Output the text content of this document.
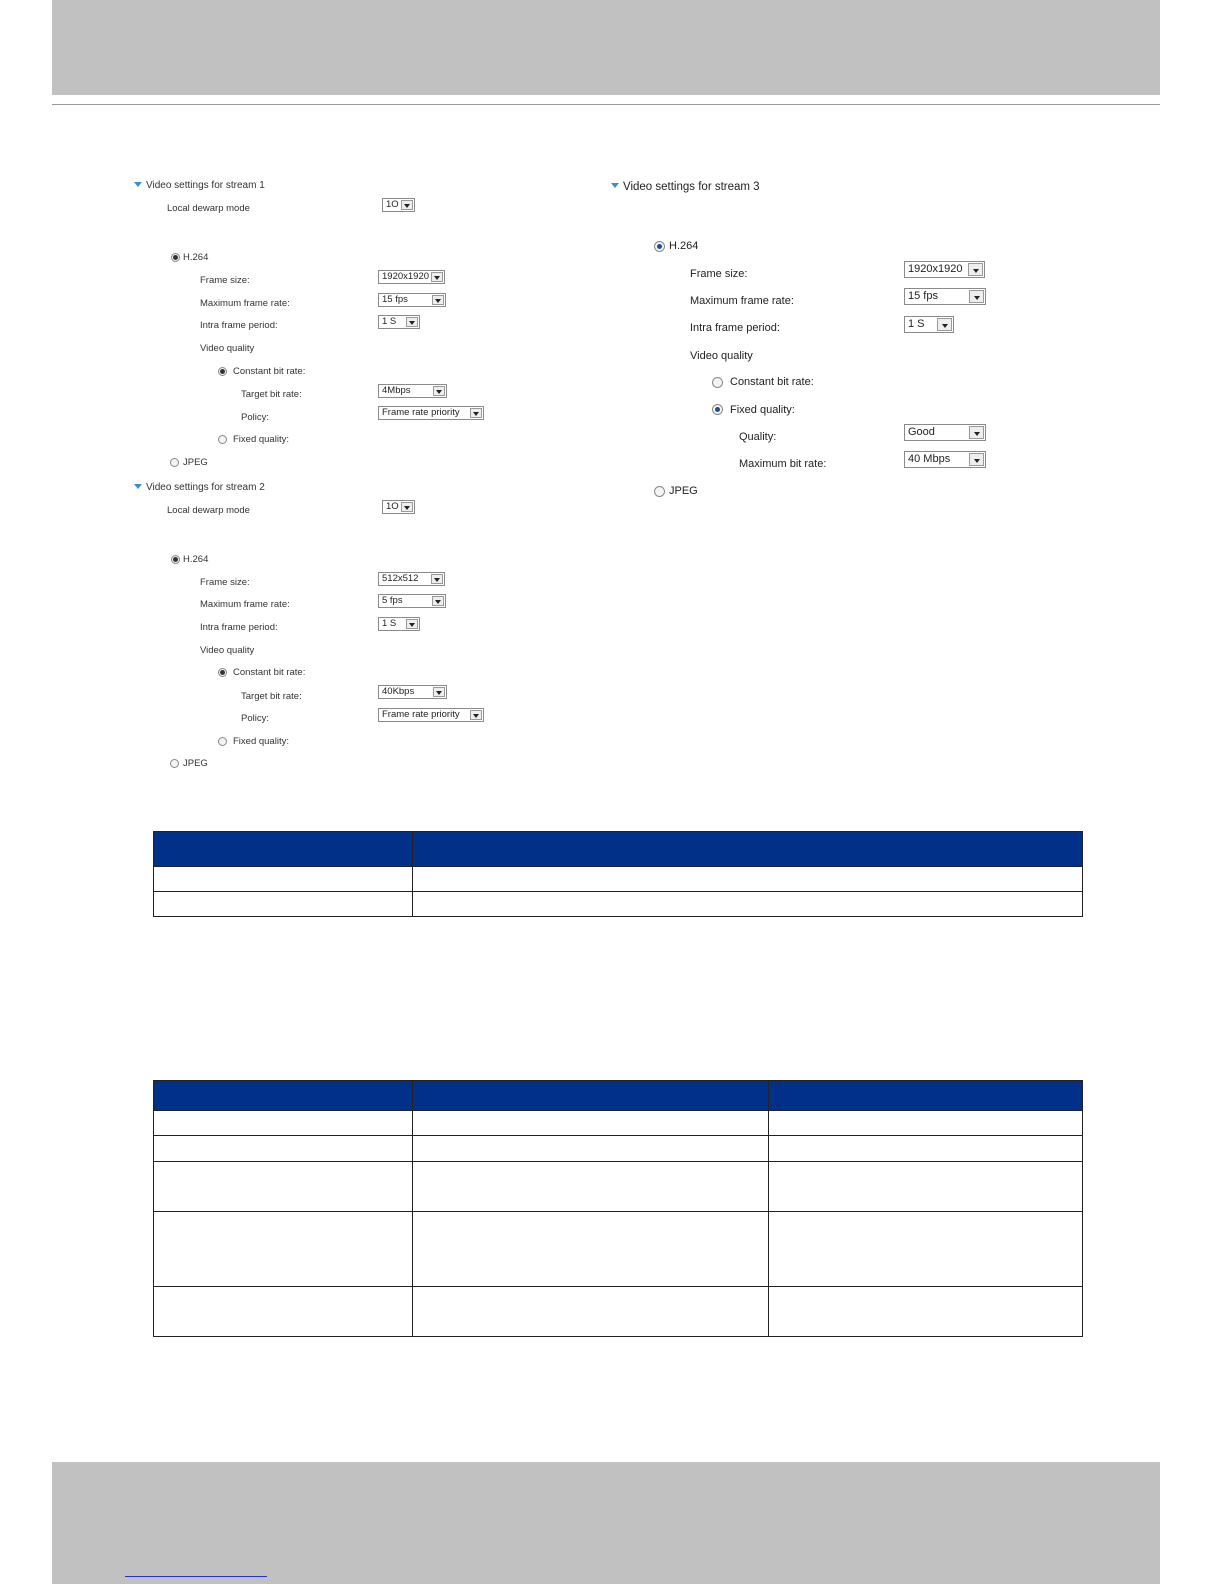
Video settings for stream 1
Local dewarp mode	1O
H.264
Frame size:	1920x1920
Maximum frame rate:	15 fps
Intra frame period:	1 S
Video quality
Constant bit rate:
Target bit rate:	4Mbps
Policy:	Frame rate priority
Fixed quality:
JPEG
Video settings for stream 2
Local dewarp mode	1O
H.264
Frame size:	512x512
Maximum frame rate:	5 fps
Intra frame period:	1 S
Video quality
Constant bit rate:
Target bit rate:	40Kbps
Policy:	Frame rate priority
Fixed quality:
JPEG
Video settings for stream 3
H.264
Frame size:	1920x1920
Maximum frame rate:	15 fps
Intra frame period:	1 S
Video quality
Constant bit rate:
Fixed quality:
Quality:	Good
Maximum bit rate:	40 Mbps
JPEG
